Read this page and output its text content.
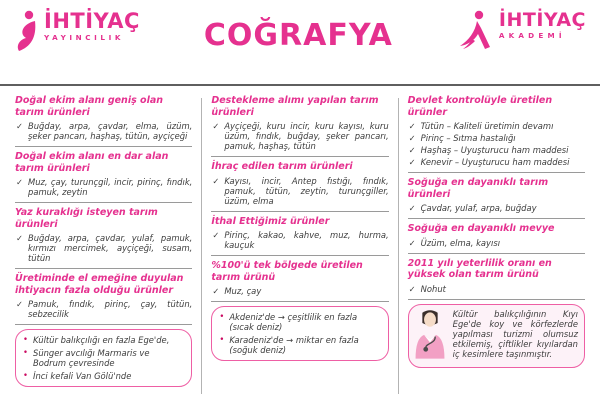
İHTİYAÇ
YAYINCILIK	COĞRAFYA	İHTİYAÇ
AKADEMİ
Doğal ekim alanı geniş olan tarım ürünleri
✓ Buğday, arpa, çavdar, elma, üzüm, şeker pancarı, haşhaş, tütün, ayçiçeği
Doğal ekim alanı en dar alan tarım ürünleri
✓ Muz, çay, turunçgil, incir, pirinç, fındık, pamuk, zeytin
Yaz kuraklığı isteyen tarım ürünleri
✓ Buğday, arpa, çavdar, yulaf, pamuk, kırmızı mercimek, ayçiçeği, susam, tütün
Üretiminde el emeğine duyulan ihtiyacın fazla olduğu ürünler
✓ Pamuk, fındık, pirinç, çay, tütün, sebzecilik
• Kültür balıkçılığı en fazla Ege'de,
• Sünger avcılığı Marmaris ve Bodrum çevresinde
• İnci kefali Van Gölü'nde
Destekleme alımı yapılan tarım ürünleri
✓ Ayçiçeği, kuru incir, kuru kayısı, kuru üzüm, fındık, buğday, şeker pancarı, pamuk, haşhaş, tütün
İhraç edilen tarım ürünleri
✓ Kayısı, incir, Antep fıstığı, fındık, pamuk, tütün, zeytin, turunçgiller, üzüm, elma
İthal Ettiğimiz ürünler
✓ Pirinç, kakao, kahve, muz, hurma, kauçuk
%100'ü tek bölgede üretilen tarım ürünü
✓ Muz, çay
• Akdeniz'de → çeşitlilik en fazla (sıcak deniz)
• Karadeniz'de → miktar en fazla (soğuk deniz)
Devlet kontrolüyle üretilen ürünler
✓ Tütün – Kaliteli üretimin devamı
✓ Pirinç – Sıtma hastalığı
✓ Haşhaş – Uyuşturucu ham maddesi
✓ Kenevir – Uyuşturucu ham maddesi
Soğuğa en dayanıklı tarım ürünleri
✓ Çavdar, yulaf, arpa, buğday
Soğuğa en dayanıklı mevye
✓ Üzüm, elma, kayısı
2011 yılı yeterlilik oranı en yüksek olan tarım ürünü
✓ Nohut

Kültür balıkçılığının Kıyı Ege'de koy ve körfezlerde yapılması turizmi olumsuz etkilemiş, çiftlikler kıyılardan iç kesimlere taşınmıştır.
